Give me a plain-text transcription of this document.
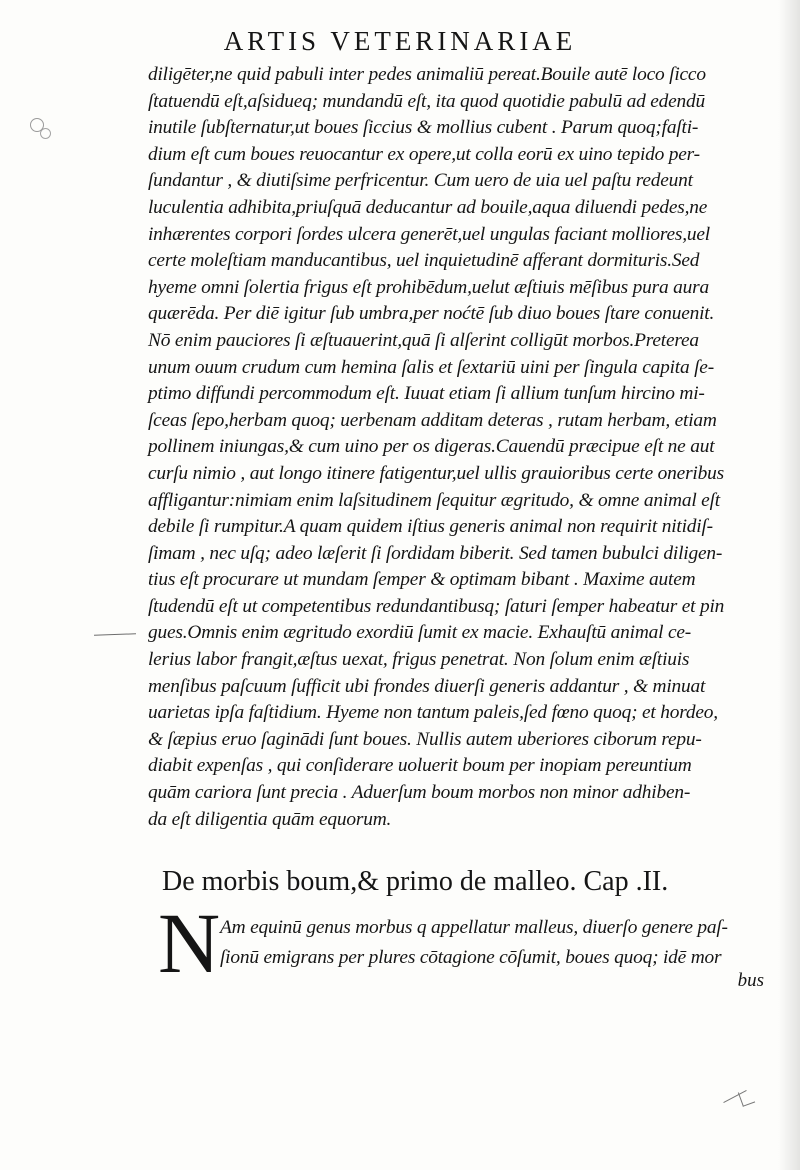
ARTIS VETERINARIAE
diligēter,ne quid pabuli inter pedes animaliū pereat.Bouile autē loco ſicco
ſtatuendū eſt,aſsidueq; mundandū eſt, ita quod quotidie pabulū ad edendū
inutile ſubſternatur,ut boues ſiccius & mollius cubent . Parum quoq;faſti-
dium eſt cum boues reuocantur ex opere,ut colla eorū ex uino tepido per-
ſundantur , & diutiſsime perfricentur. Cum uero de uia uel paſtu redeunt
luculentia adhibita,priuſquā deducantur ad bouile,aqua diluendi pedes,ne
inhærentes corpori ſordes ulcera generēt,uel ungulas faciant molliores,uel
certe moleſtiam manducantibus, uel inquietudinē afferant dormituris.Sed
hyeme omni ſolertia frigus eſt prohibēdum,uelut æſtiuis mēſibus pura aura
quærēda. Per diē igitur ſub umbra,per noćtē ſub diuo boues ſtare conuenit.
Nō enim pauciores ſi æſtuauerint,quā ſi alſerint colligūt morbos.Preterea
unum ouum crudum cum hemina ſalis et ſextariū uini per ſingula capita ſe-
ptimo diffundi percommodum eſt. Iuuat etiam ſi allium tunſum hircino mi-
ſceas ſepo,herbam quoq; uerbenam additam deteras , rutam herbam, etiam
pollinem iniungas,& cum uino per os digeras.Cauendū præcipue eſt ne aut
curſu nimio , aut longo itinere fatigentur,uel ullis grauioribus certe oneribus
affligantur:nimiam enim laſsitudinem ſequitur ægritudo, & omne animal eſt
debile ſi rumpitur.A quam quidem iſtius generis animal non requirit nitidiſ-
ſimam , nec uſq; adeo læſerit ſi ſordidam biberit. Sed tamen bubulci diligen-
tius eſt procurare ut mundam ſemper & optimam bibant . Maxime autem
ſtudendū eſt ut competentibus redundantibusq; ſaturi ſemper habeatur et pin
gues.Omnis enim ægritudo exordiū ſumit ex macie. Exhauſtū animal ce-
lerius labor frangit,æſtus uexat, frigus penetrat. Non ſolum enim æſtiuis
menſibus paſcuum ſufficit ubi frondes diuerſi generis addantur , & minuat
uarietas ipſa faſtidium. Hyeme non tantum paleis,ſed fœno quoq; et hordeo,
& ſæpius eruo ſaginādi ſunt boues. Nullis autem uberiores ciborum repu-
diabit expenſas , qui conſiderare uoluerit boum per inopiam pereuntium
quām cariora ſunt precia . Aduerſum boum morbos non minor adhiben-
da eſt diligentia quām equorum.
De morbis boum,& primo de malleo. Cap .II.
N Am equinū genus morbus q appellatur malleus, diuerſo genere paſ-
ſionū emigrans per plures cōtagione cōſumit, boues quoq; idē mor
bus
